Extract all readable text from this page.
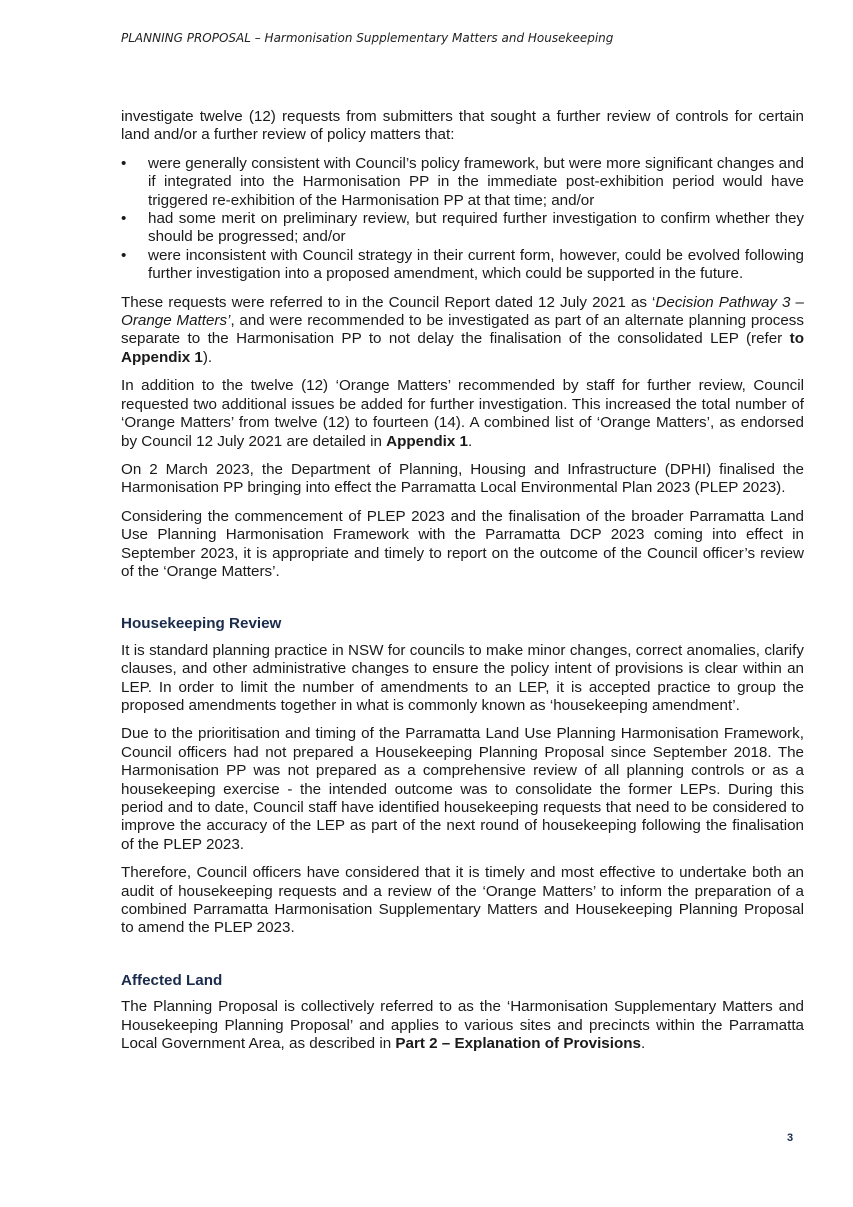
PLANNING PROPOSAL – Harmonisation Supplementary Matters and Housekeeping

investigate twelve (12) requests from submitters that sought a further review of controls for certain land and/or a further review of policy matters that:

• were generally consistent with Council’s policy framework, but were more significant changes and if integrated into the Harmonisation PP in the immediate post-exhibition period would have triggered re-exhibition of the Harmonisation PP at that time; and/or
• had some merit on preliminary review, but required further investigation to confirm whether they should be progressed; and/or
• were inconsistent with Council strategy in their current form, however, could be evolved following further investigation into a proposed amendment, which could be supported in the future.

These requests were referred to in the Council Report dated 12 July 2021 as ‘Decision Pathway 3 – Orange Matters’, and were recommended to be investigated as part of an alternate planning process separate to the Harmonisation PP to not delay the finalisation of the consolidated LEP (refer to Appendix 1).

In addition to the twelve (12) ‘Orange Matters’ recommended by staff for further review, Council requested two additional issues be added for further investigation. This increased the total number of ‘Orange Matters’ from twelve (12) to fourteen (14). A combined list of ‘Orange Matters’, as endorsed by Council 12 July 2021 are detailed in Appendix 1.

On 2 March 2023, the Department of Planning, Housing and Infrastructure (DPHI) finalised the Harmonisation PP bringing into effect the Parramatta Local Environmental Plan 2023 (PLEP 2023).

Considering the commencement of PLEP 2023 and the finalisation of the broader Parramatta Land Use Planning Harmonisation Framework with the Parramatta DCP 2023 coming into effect in September 2023, it is appropriate and timely to report on the outcome of the Council officer’s review of the ‘Orange Matters’.

Housekeeping Review

It is standard planning practice in NSW for councils to make minor changes, correct anomalies, clarify clauses, and other administrative changes to ensure the policy intent of provisions is clear within an LEP. In order to limit the number of amendments to an LEP, it is accepted practice to group the proposed amendments together in what is commonly known as ‘housekeeping amendment’.

Due to the prioritisation and timing of the Parramatta Land Use Planning Harmonisation Framework, Council officers had not prepared a Housekeeping Planning Proposal since September 2018. The Harmonisation PP was not prepared as a comprehensive review of all planning controls or as a housekeeping exercise - the intended outcome was to consolidate the former LEPs. During this period and to date, Council staff have identified housekeeping requests that need to be considered to improve the accuracy of the LEP as part of the next round of housekeeping following the finalisation of the PLEP 2023.

Therefore, Council officers have considered that it is timely and most effective to undertake both an audit of housekeeping requests and a review of the ‘Orange Matters’ to inform the preparation of a combined Parramatta Harmonisation Supplementary Matters and Housekeeping Planning Proposal to amend the PLEP 2023.

Affected Land

The Planning Proposal is collectively referred to as the ‘Harmonisation Supplementary Matters and Housekeeping Planning Proposal’ and applies to various sites and precincts within the Parramatta Local Government Area, as described in Part 2 – Explanation of Provisions.

3
